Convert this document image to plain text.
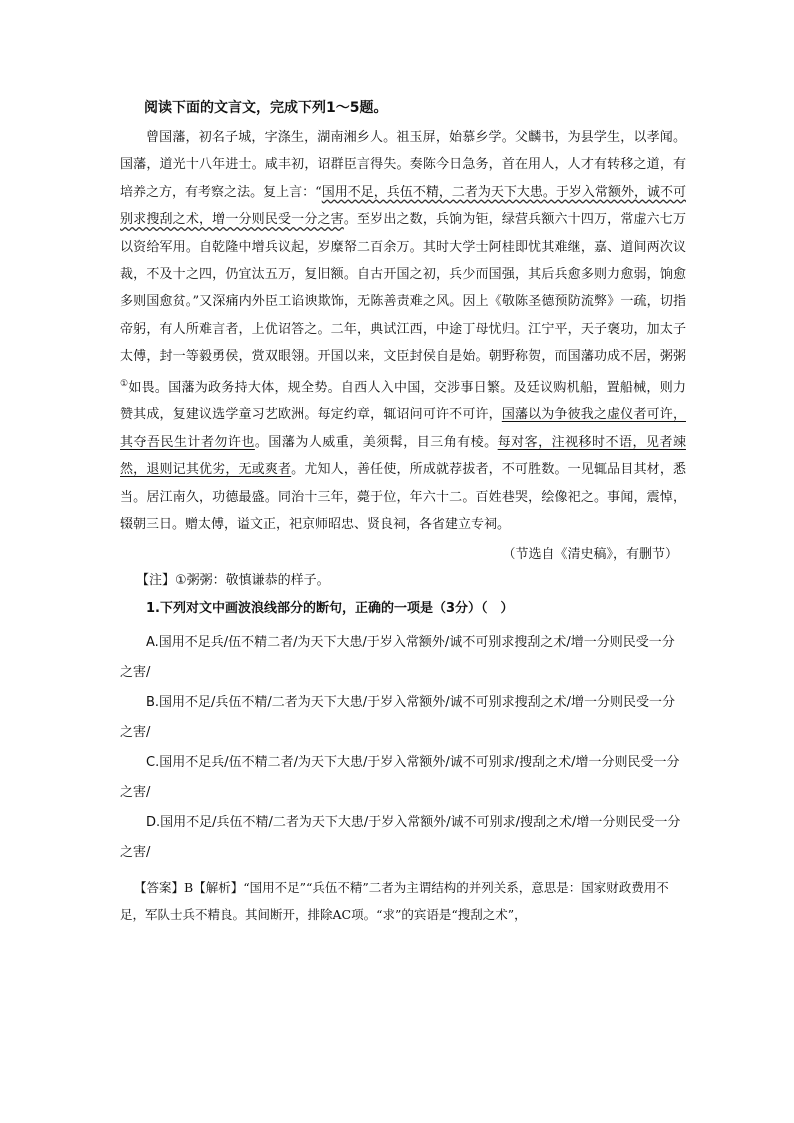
阅读下面的文言文，完成下列1～5题。

曾国藩，初名子城，字涤生，湖南湘乡人。祖玉屏，始慕乡学。父麟书，为县学生，以孝闻。国藩，道光十八年进士。咸丰初，诏群臣言得失。奏陈今日急务，首在用人，人才有转移之道，有培养之方，有考察之法。复上言：“国用不足，兵伍不精，二者为天下大患。于岁入常额外，诚不可别求搜刮之术，增一分则民受一分之害。至岁出之数，兵饷为钜，绿营兵额六十四万，常虚六七万以资给军用。自乾隆中增兵议起，岁糜帑二百余万。其时大学士阿桂即忧其难继，嘉、道间两次议裁，不及十之四，仍宜汰五万，复旧额。自古开国之初，兵少而国强，其后兵愈多则力愈弱，饷愈多则国愈贫。”又深痛内外臣工谄谀欺饰，无陈善责难之风。因上《敬陈圣德预防流弊》一疏，切指帝躬，有人所难言者，上优诏答之。二年，典试江西，中途丁母忧归。江宁平，天子褒功，加太子太傅，封一等毅勇侯，赏双眼翎。开国以来，文臣封侯自是始。朝野称贺，而国藩功成不居，粥粥①如畏。国藩为政务持大体，规全势。自西人入中国，交涉事日繁。及廷议购机船，置船械，则力赞其成，复建议选学童习艺欧洲。每定约章，辄诏问可许不可许，国藩以为争彼我之虚仪者可许，其夺吾民生计者勿许也。国藩为人威重，美须髯，目三角有棱。每对客，注视移时不语，见者竦然，退则记其优劣，无或爽者。尤知人，善任使，所成就荐拔者，不可胜数。一见辄品目其材，悉当。居江南久，功德最盛。同治十三年，薨于位，年六十二。百姓巷哭，绘像祀之。事闻，震悼，辍朝三日。赠太傅，谥文正，祀京师昭忠、贤良祠，各省建立专祠。

（节选自《清史稿》，有删节）

【注】①粥粥：敬慎谦恭的样子。

1.下列对文中画波浪线部分的断句，正确的一项是（3分）（　）

A.国用不足兵/伍不精二者/为天下大患/于岁入常额外/诚不可别求搜刮之术/增一分则民受一分之害/

B.国用不足/兵伍不精/二者为天下大患/于岁入常额外/诚不可别求搜刮之术/增一分则民受一分之害/

C.国用不足兵/伍不精二者/为天下大患/于岁入常额外/诚不可别求/搜刮之术/增一分则民受一分之害/

D.国用不足/兵伍不精/二者为天下大患/于岁入常额外/诚不可别求/搜刮之术/增一分则民受一分之害/

【答案】B【解析】“国用不足”“兵伍不精”二者为主谓结构的并列关系，意思是：国家财政费用不足，军队士兵不精良。其间断开，排除AC项。“求”的宾语是“搜刮之术”，
